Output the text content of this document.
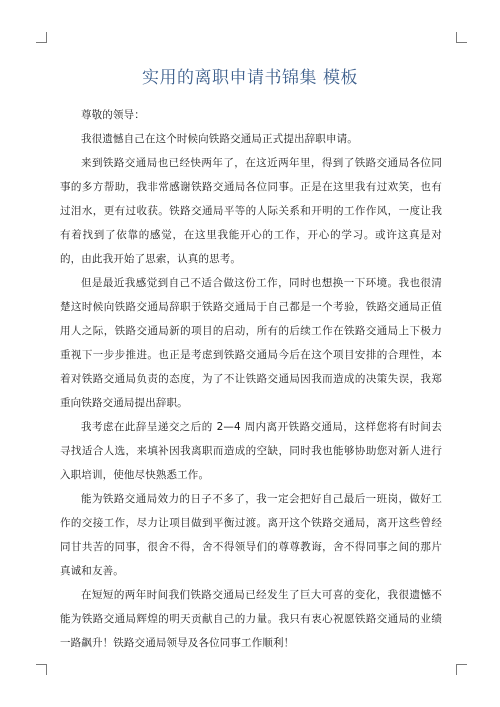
实用的离职申请书锦集 模板

尊敬的领导：

我很遗憾自己在这个时候向铁路交通局正式提出辞职申请。

来到铁路交通局也已经快两年了，在这近两年里，得到了铁路交通局各位同事的多方帮助，我非常感谢铁路交通局各位同事。正是在这里我有过欢笑，也有过泪水，更有过收获。铁路交通局平等的人际关系和开明的工作作风，一度让我有着找到了依靠的感觉，在这里我能开心的工作，开心的学习。或许这真是对的，由此我开始了思索，认真的思考。

但是最近我感觉到自己不适合做这份工作，同时也想换一下环境。我也很清楚这时候向铁路交通局辞职于铁路交通局于自己都是一个考验，铁路交通局正值用人之际，铁路交通局新的项目的启动，所有的后续工作在铁路交通局上下极力重视下一步步推进。也正是考虑到铁路交通局今后在这个项目安排的合理性，本着对铁路交通局负责的态度，为了不让铁路交通局因我而造成的决策失误，我郑重向铁路交通局提出辞职。

我考虑在此辞呈递交之后的 2—4 周内离开铁路交通局，这样您将有时间去寻找适合人选，来填补因我离职而造成的空缺，同时我也能够协助您对新人进行入职培训，使他尽快熟悉工作。

能为铁路交通局效力的日子不多了，我一定会把好自己最后一班岗，做好工作的交接工作，尽力让项目做到平衡过渡。离开这个铁路交通局，离开这些曾经同甘共苦的同事，很舍不得，舍不得领导们的尊尊教诲，舍不得同事之间的那片真诚和友善。

在短短的两年时间我们铁路交通局已经发生了巨大可喜的变化，我很遗憾不能为铁路交通局辉煌的明天贡献自己的力量。我只有衷心祝愿铁路交通局的业绩一路飙升！铁路交通局领导及各位同事工作顺利！
